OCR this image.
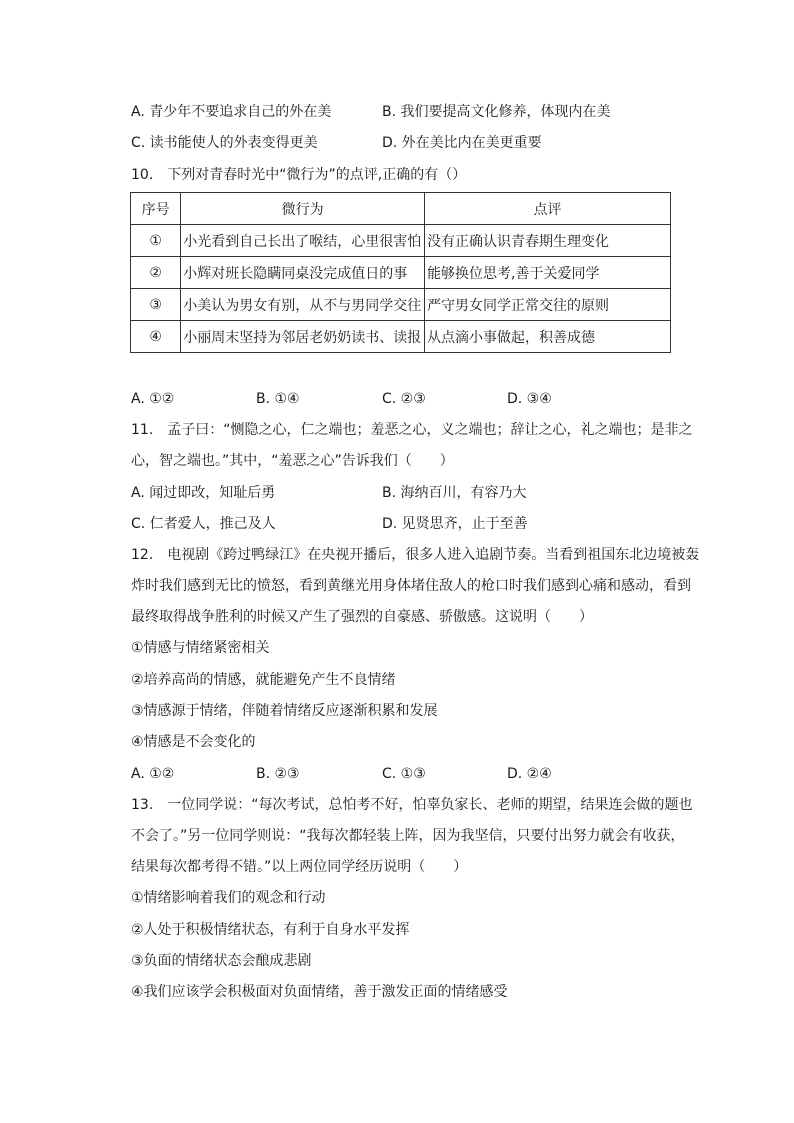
A. 青少年不要追求自己的外在美	B. 我们要提高文化修养，体现内在美
C. 读书能使人的外表变得更美	D. 外在美比内在美更重要
10.　下列对青春时光中“微行为”的点评,正确的有（）
序号	微行为	点评
①	小光看到自己长出了喉结，心里很害怕	没有正确认识青春期生理变化
②	小辉对班长隐瞒同桌没完成值日的事	能够换位思考,善于关爱同学
③	小美认为男女有别，从不与男同学交往	严守男女同学正常交往的原则
④	小丽周末坚持为邻居老奶奶读书、读报	从点滴小事做起，积善成德
A. ①②	B. ①④	C. ②③	D. ③④
11.　孟子曰：“恻隐之心，仁之端也；羞恶之心，义之端也；辞让之心，礼之端也；是非之
心，智之端也。”其中，“羞恶之心”告诉我们（　　）
A. 闻过即改，知耻后勇	B. 海纳百川，有容乃大
C. 仁者爱人，推己及人	D. 见贤思齐，止于至善
12.　电视剧《跨过鸭绿江》在央视开播后，很多人进入追剧节奏。当看到祖国东北边境被轰
炸时我们感到无比的愤怒，看到黄继光用身体堵住敌人的枪口时我们感到心痛和感动，看到
最终取得战争胜利的时候又产生了强烈的自豪感、骄傲感。这说明（　　）
①情感与情绪紧密相关
②培养高尚的情感，就能避免产生不良情绪
③情感源于情绪，伴随着情绪反应逐渐积累和发展
④情感是不会变化的
A. ①②	B. ②③	C. ①③	D. ②④
13.　一位同学说：“每次考试，总怕考不好，怕辜负家长、老师的期望，结果连会做的题也
不会了。”另一位同学则说：“我每次都轻装上阵，因为我坚信，只要付出努力就会有收获，
结果每次都考得不错。”以上两位同学经历说明（　　）
①情绪影响着我们的观念和行动
②人处于积极情绪状态，有利于自身水平发挥
③负面的情绪状态会酿成悲剧
④我们应该学会积极面对负面情绪，善于激发正面的情绪感受
